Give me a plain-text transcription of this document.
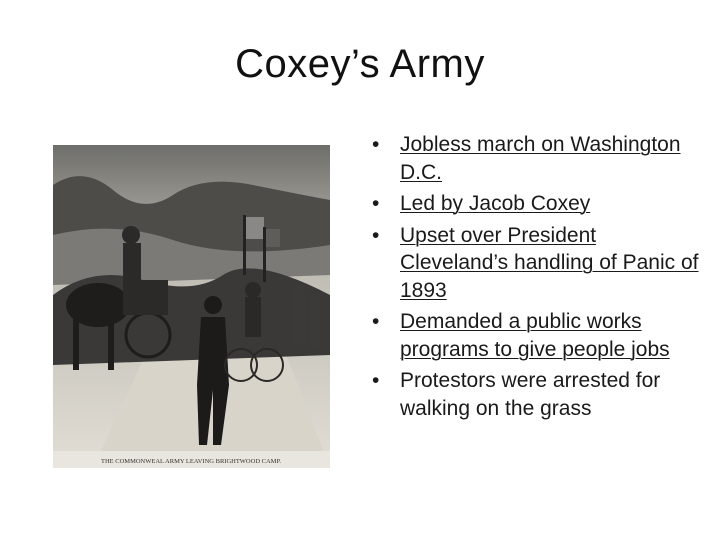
Coxey’s Army
THE COMMONWEAL ARMY LEAVING BRIGHTWOOD CAMP.
• Jobless march on Washington D.C.
• Led by Jacob Coxey
• Upset over President Cleveland’s handling of Panic of 1893
• Demanded a public works programs to give people jobs
• Protestors were arrested for walking on the grass
